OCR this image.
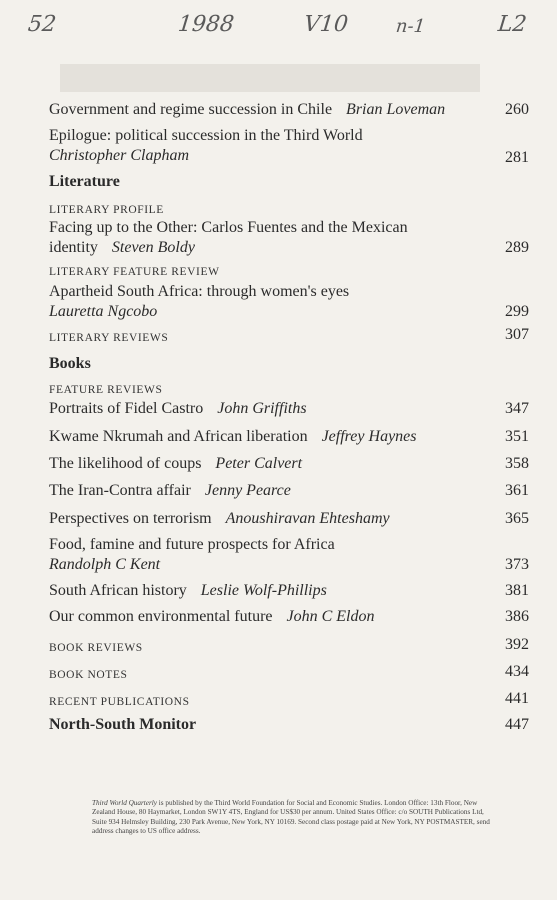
52	1988	V10	n-1	L2
Government and regime succession in Chile Brian Loveman	260
Epilogue: political succession in the Third World
Christopher Clapham	281
Literature
LITERARY PROFILE
Facing up to the Other: Carlos Fuentes and the Mexican
identity Steven Boldy	289
LITERARY FEATURE REVIEW
Apartheid South Africa: through women's eyes
Lauretta Ngcobo	299
LITERARY REVIEWS	307
Books
FEATURE REVIEWS
Portraits of Fidel Castro John Griffiths	347
Kwame Nkrumah and African liberation Jeffrey Haynes	351
The likelihood of coups Peter Calvert	358
The Iran-Contra affair Jenny Pearce	361
Perspectives on terrorism Anoushiravan Ehteshamy	365
Food, famine and future prospects for Africa
Randolph C Kent	373
South African history Leslie Wolf-Phillips	381
Our common environmental future John C Eldon	386
BOOK REVIEWS	392
BOOK NOTES	434
RECENT PUBLICATIONS	441
North-South Monitor	447
Third World Quarterly is published by the Third World Foundation for Social and Economic Studies. London Office: 13th Floor, New Zealand House, 80 Haymarket, London SW1Y 4TS, England for US$30 per annum. United States Office: c/o SOUTH Publications Ltd, Suite 934 Helmsley Building, 230 Park Avenue, New York, NY 10169. Second class postage paid at New York, NY POSTMASTER, send address changes to US office address.
